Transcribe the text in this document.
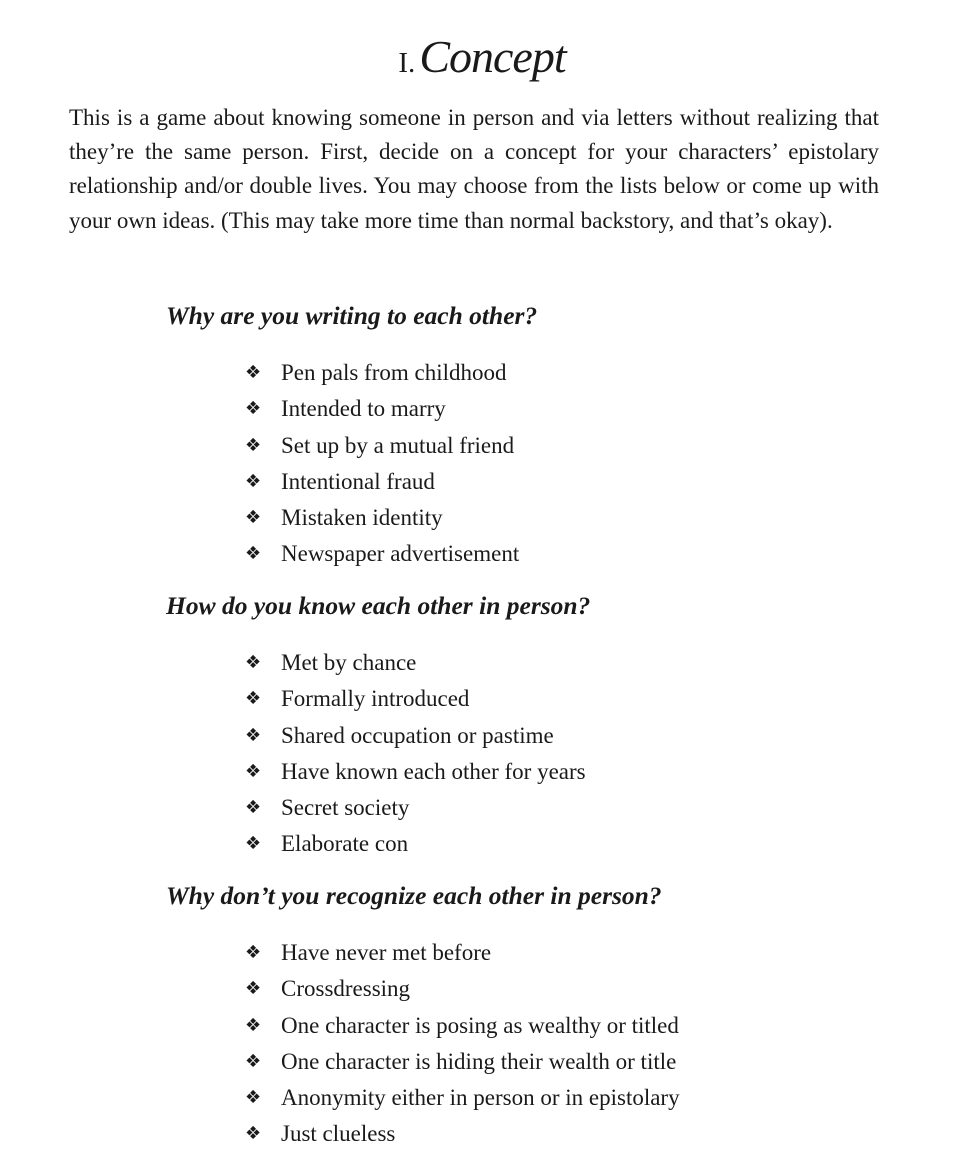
I. Concept

This is a game about knowing someone in person and via letters without realizing that they’re the same person. First, decide on a concept for your characters’ epistolary relationship and/or double lives. You may choose from the lists below or come up with your own ideas. (This may take more time than normal backstory, and that’s okay).

Why are you writing to each other?
❖ Pen pals from childhood
❖ Intended to marry
❖ Set up by a mutual friend
❖ Intentional fraud
❖ Mistaken identity
❖ Newspaper advertisement
How do you know each other in person?
❖ Met by chance
❖ Formally introduced
❖ Shared occupation or pastime
❖ Have known each other for years
❖ Secret society
❖ Elaborate con
Why don’t you recognize each other in person?
❖ Have never met before
❖ Crossdressing
❖ One character is posing as wealthy or titled
❖ One character is hiding their wealth or title
❖ Anonymity either in person or in epistolary
❖ Just clueless
